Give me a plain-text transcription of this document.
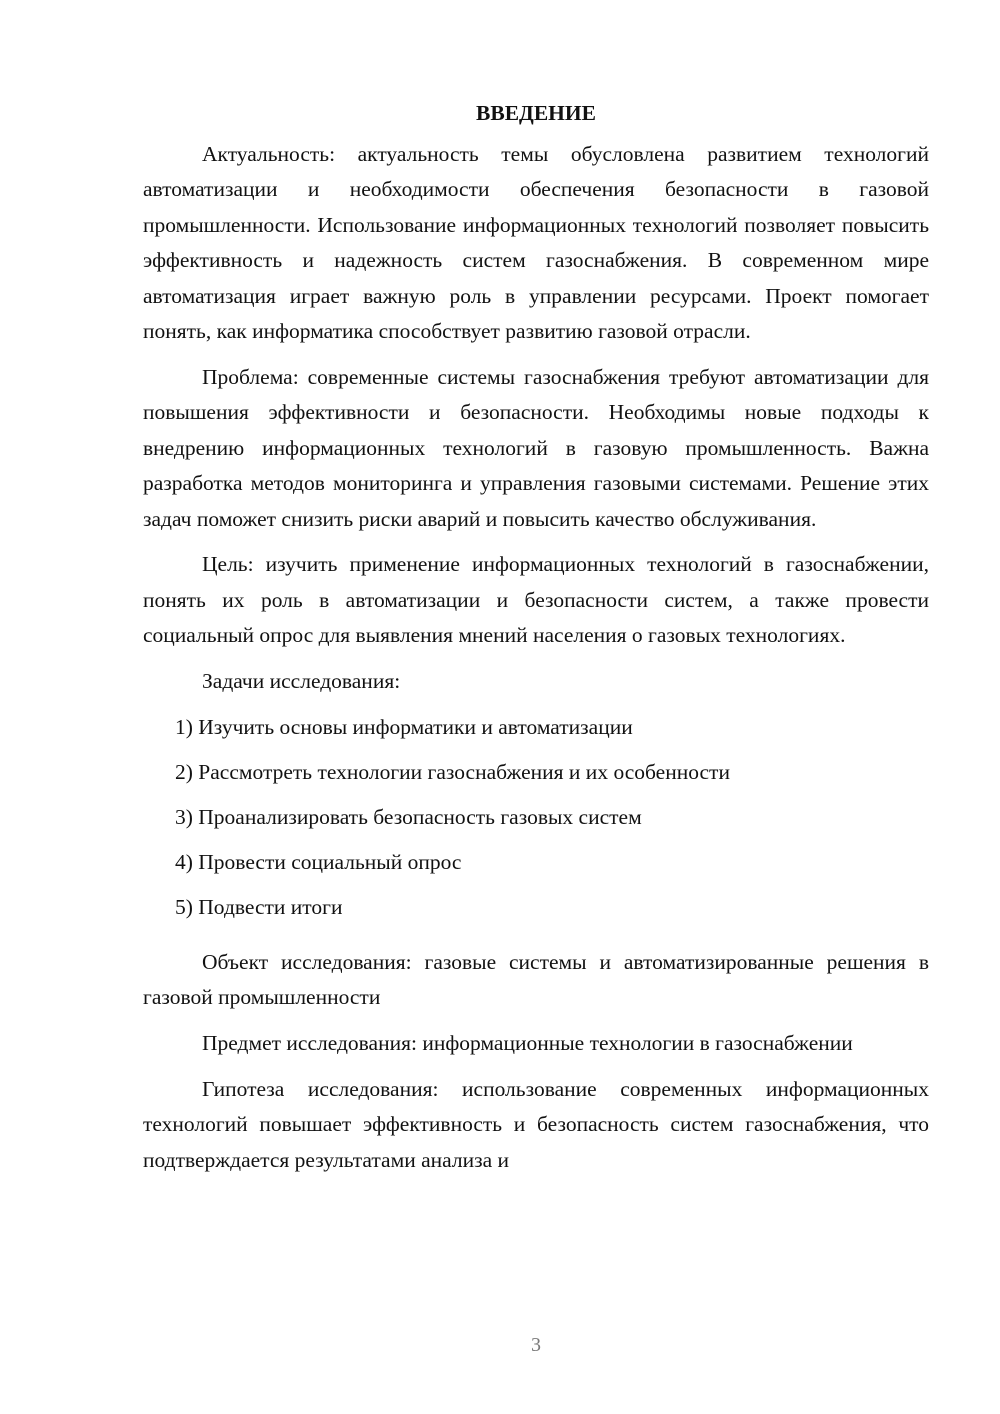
ВВЕДЕНИЕ

Актуальность: актуальность темы обусловлена развитием технологий автоматизации и необходимости обеспечения безопасности в газовой промышленности. Использование информационных технологий позволяет повысить эффективность и надежность систем газоснабжения. В современном мире автоматизация играет важную роль в управлении ресурсами. Проект помогает понять, как информатика способствует развитию газовой отрасли.

Проблема: современные системы газоснабжения требуют автоматизации для повышения эффективности и безопасности. Необходимы новые подходы к внедрению информационных технологий в газовую промышленность. Важна разработка методов мониторинга и управления газовыми системами. Решение этих задач поможет снизить риски аварий и повысить качество обслуживания.

Цель: изучить применение информационных технологий в газоснабжении, понять их роль в автоматизации и безопасности систем, а также провести социальный опрос для выявления мнений населения о газовых технологиях.

Задачи исследования:

1) Изучить основы информатики и автоматизации
2) Рассмотреть технологии газоснабжения и их особенности
3) Проанализировать безопасность газовых систем
4) Провести социальный опрос
5) Подвести итоги

Объект исследования: газовые системы и автоматизированные решения в газовой промышленности

Предмет исследования: информационные технологии в газоснабжении

Гипотеза исследования: использование современных информационных технологий повышает эффективность и безопасность систем газоснабжения, что подтверждается результатами анализа и

3
